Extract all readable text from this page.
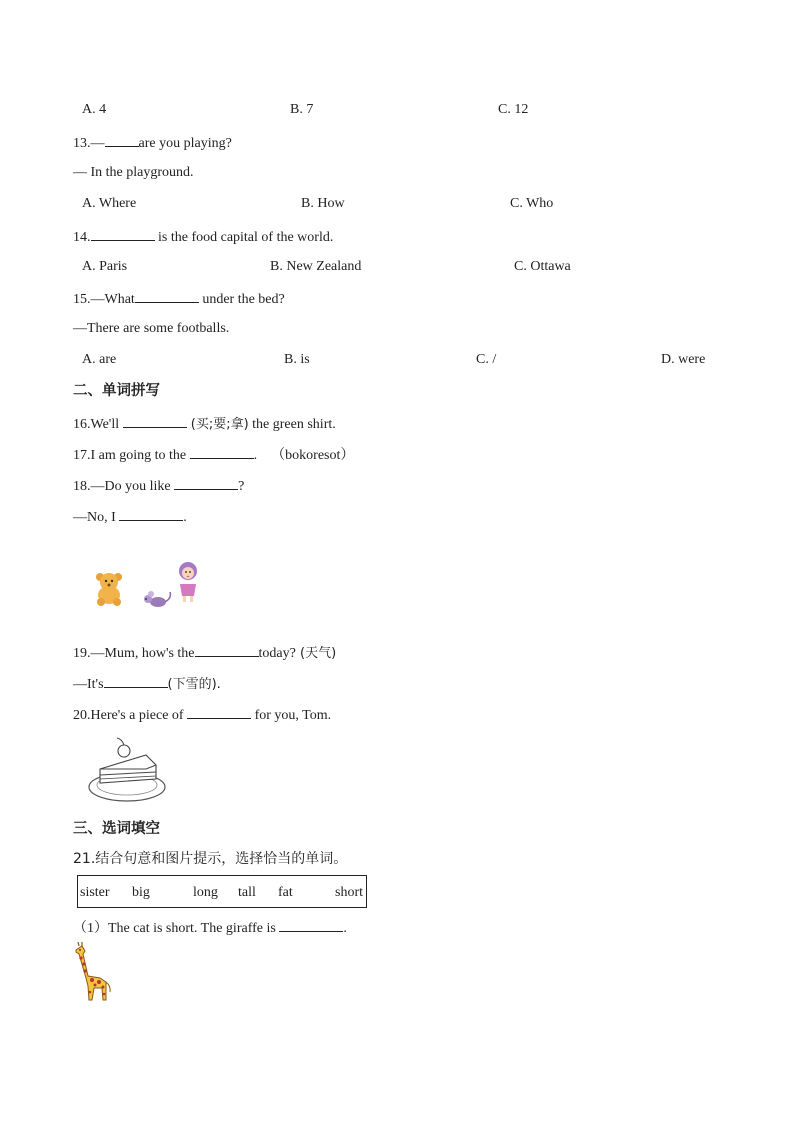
A. 4	B. 7	C. 12
13.— are you playing?
— In the playground.
A. Where	B. How	C. Who
14.	is the food capital of the world.
A. Paris	B. New Zealand	C. Ottawa
15.—What	under the bed?
—There are some footballs.
A. are	B. is	C. /	D. were
二、单词拼写
16.We'll	(买;要;拿) the green shirt.
17.I am going to the	. （bokoresot）
18.—Do you like	?
—No, I	.
19.—Mum, how's the	today? (天气)
—It's	(下雪的).
20.Here's a piece of	for you, Tom.
三、选词填空
21.结合句意和图片提示，选择恰当的单词。
sister big	long tall fat	short
（1）The cat is short. The giraffe is	.
